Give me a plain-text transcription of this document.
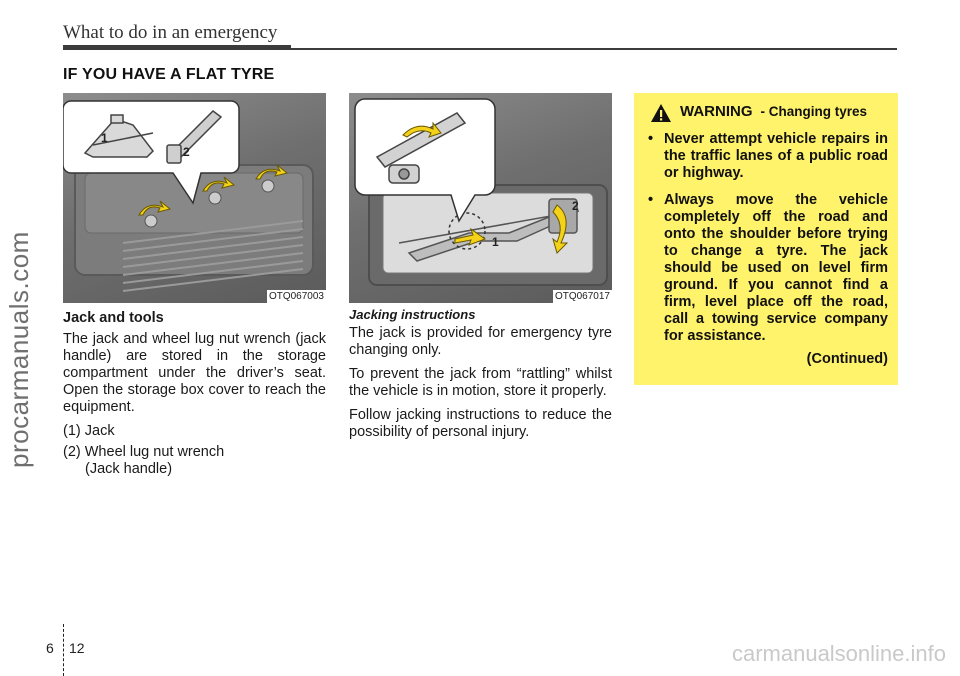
What to do in an emergency
procarmanuals.com
IF YOU HAVE A FLAT TYRE
1
2
OTQ067003
1
2
OTQ067017
Jack and tools

The jack and wheel lug nut wrench (jack handle) are stored in the storage compartment under the driver’s seat. Open the storage box cover to reach the equipment.

(1) Jack
(2) Wheel lug nut wrench
(Jack handle)
Jacking instructions

The jack is provided for emergency tyre changing only.

To prevent the jack from “rattling” whilst the vehicle is in motion, store it properly.

Follow jacking instructions to reduce the possibility of personal injury.

WARNING - Changing tyres
• Never attempt vehicle repairs in the traffic lanes of a public road or highway.
• Always move the vehicle completely off the road and onto the shoulder before trying to change a tyre. The jack should be used on level firm ground. If you cannot find a firm, level place off the road, call a towing service company for assistance.
(Continued)
6 12	carmanualsonline.info
